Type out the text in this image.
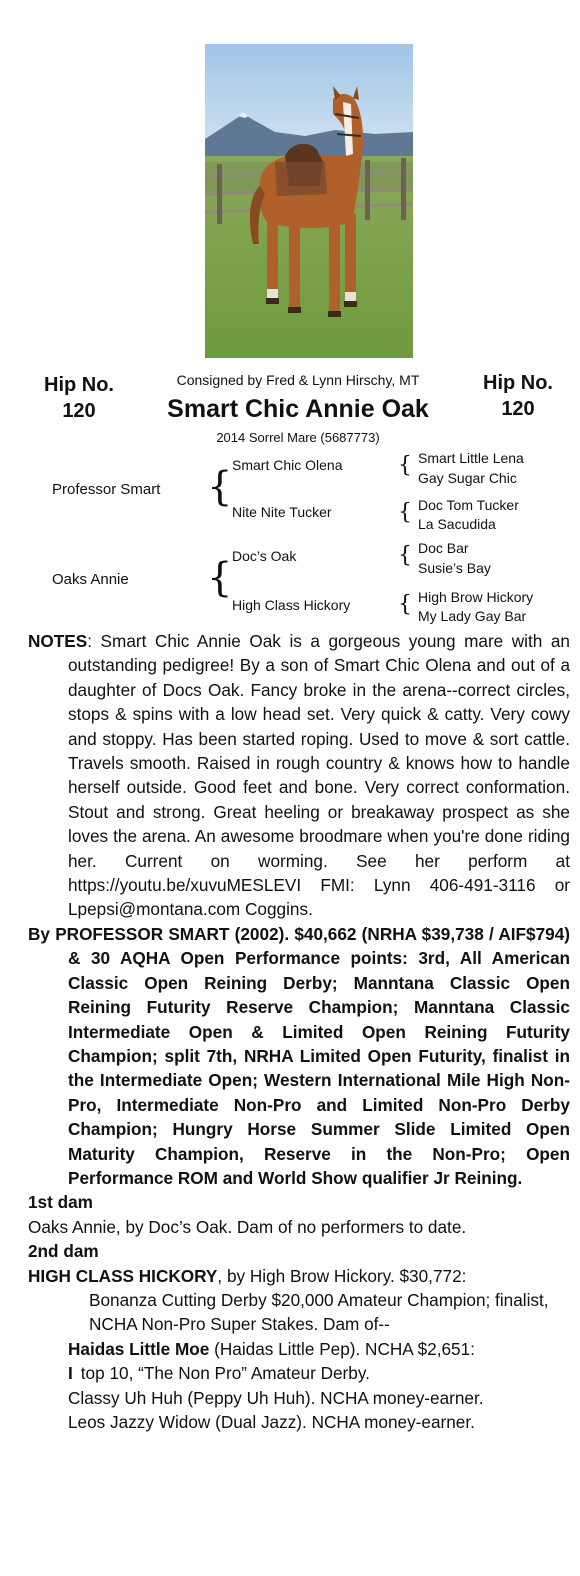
Hip No.
120
Hip No.
120
Consigned by Fred & Lynn Hirschy, MT
Smart Chic Annie Oak
2014 Sorrel Mare (5687773)
Professor Smart { Smart Chic Olena
Nite Nite Tucker
{ Smart Little Lena
Gay Sugar Chic
{ Doc Tom Tucker
La Sacudida
Oaks Annie { Doc’s Oak
High Class Hickory
{ Doc Bar
Susie’s Bay
{ High Brow Hickory
My Lady Gay Bar

NOTES: Smart Chic Annie Oak is a gorgeous young mare with an outstanding pedigree! By a son of Smart Chic Olena and out of a daughter of Docs Oak. Fancy broke in the arena--correct circles, stops & spins with a low head set. Very quick & catty. Very cowy and stoppy. Has been started roping. Used to move & sort cattle. Travels smooth. Raised in rough country & knows how to handle herself outside. Good feet and bone. Very correct conformation. Stout and strong. Great heeling or breakaway prospect as she loves the arena. An awesome broodmare when you're done riding her. Current on worming. See her perform at https://youtu.be/xuvuMESLEVI FMI: Lynn 406-491-3116 or Lpepsi@montana.com Coggins.

By PROFESSOR SMART (2002). $40,662 (NRHA $39,738 / AIF$794) & 30 AQHA Open Performance points: 3rd, All American Classic Open Reining Derby; Manntana Classic Open Reining Futurity Reserve Champion; Manntana Classic Intermediate Open & Limited Open Reining Futurity Champion; split 7th, NRHA Limited Open Futurity, finalist in the Intermediate Open; Western International Mile High Non-Pro, Intermediate Non-Pro and Limited Non-Pro Derby Champion; Hungry Horse Summer Slide Limited Open Maturity Champion, Reserve in the Non-Pro; Open Performance ROM and World Show qualifier Jr Reining.

1st dam

Oaks Annie, by Doc’s Oak. Dam of no performers to date.

2nd dam

HIGH CLASS HICKORY, by High Brow Hickory. $30,772:

Bonanza Cutting Derby $20,000 Amateur Champion; finalist, NCHA Non-Pro Super Stakes. Dam of--

Haidas Little Moe (Haidas Little Pep). NCHA $2,651:

I top 10, “The Non Pro” Amateur Derby.

Classy Uh Huh (Peppy Uh Huh). NCHA money-earner.

Leos Jazzy Widow (Dual Jazz). NCHA money-earner.
